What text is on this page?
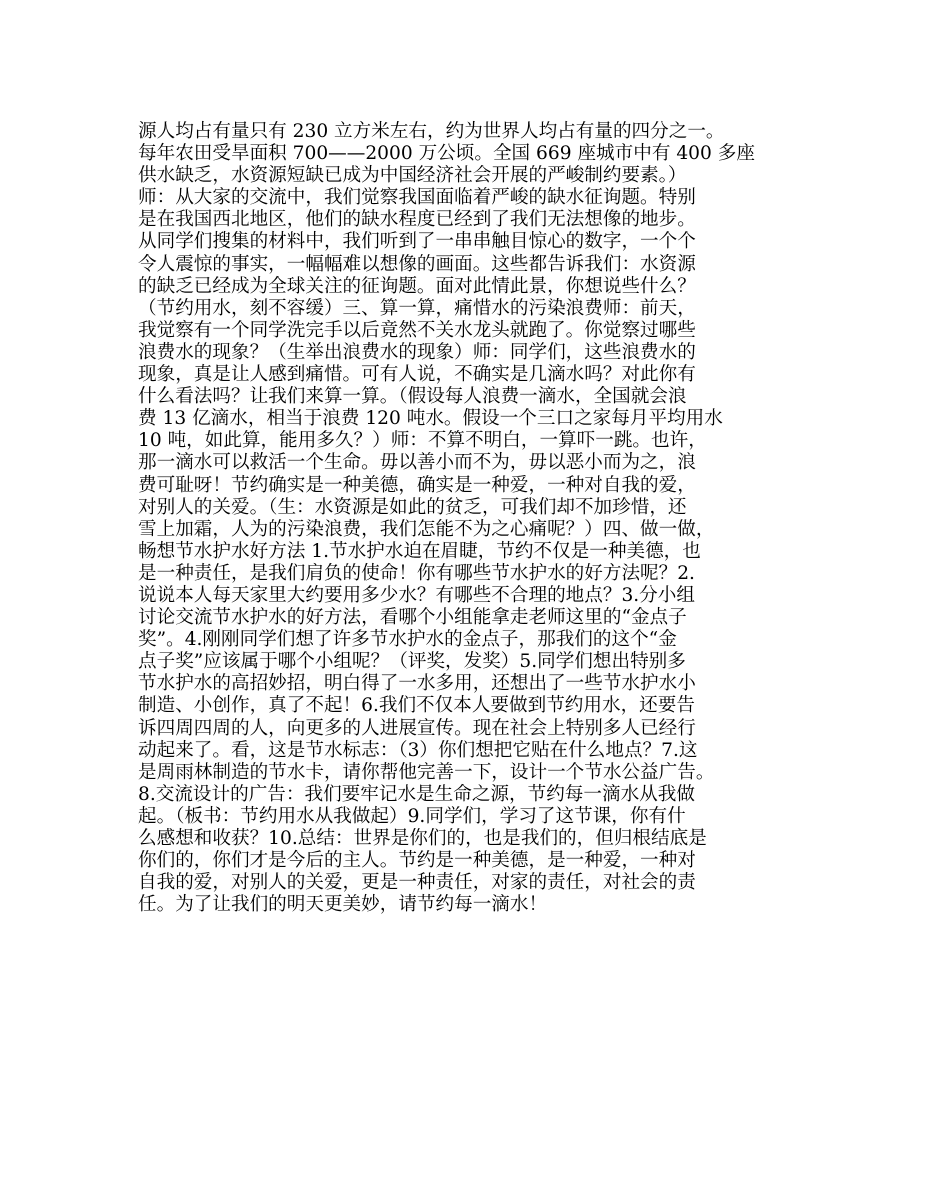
源人均占有量只有 230 立方米左右，约为世界人均占有量的四分之一。
每年农田受旱面积 700——2000 万公顷。全国 669 座城市中有 400 多座
供水缺乏，水资源短缺已成为中国经济社会开展的严峻制约要素。）
师：从大家的交流中，我们觉察我国面临着严峻的缺水征询题。特别
是在我国西北地区，他们的缺水程度已经到了我们无法想像的地步。
从同学们搜集的材料中，我们听到了一串串触目惊心的数字，一个个
令人震惊的事实，一幅幅难以想像的画面。这些都告诉我们：水资源
的缺乏已经成为全球关注的征询题。面对此情此景，你想说些什么？
（节约用水，刻不容缓）三、算一算，痛惜水的污染浪费师：前天，
我觉察有一个同学洗完手以后竟然不关水龙头就跑了。你觉察过哪些
浪费水的现象？（生举出浪费水的现象）师：同学们，这些浪费水的
现象，真是让人感到痛惜。可有人说，不确实是几滴水吗？对此你有
什么看法吗？让我们来算一算。（假设每人浪费一滴水，全国就会浪
费 13 亿滴水，相当于浪费 120 吨水。假设一个三口之家每月平均用水
10 吨，如此算，能用多久？）师：不算不明白，一算吓一跳。也许，
那一滴水可以救活一个生命。毋以善小而不为，毋以恶小而为之，浪
费可耻呀！节约确实是一种美德，确实是一种爱，一种对自我的爱，
对别人的关爱。（生：水资源是如此的贫乏，可我们却不加珍惜，还
雪上加霜，人为的污染浪费，我们怎能不为之心痛呢？）四、做一做，
畅想节水护水好方法 1.节水护水迫在眉睫，节约不仅是一种美德，也
是一种责任，是我们肩负的使命！你有哪些节水护水的好方法呢？2.
说说本人每天家里大约要用多少水？有哪些不合理的地点？3.分小组
讨论交流节水护水的好方法，看哪个小组能拿走老师这里的“金点子
奖”。4.刚刚同学们想了许多节水护水的金点子，那我们的这个“金
点子奖”应该属于哪个小组呢？（评奖，发奖）5.同学们想出特别多
节水护水的高招妙招，明白得了一水多用，还想出了一些节水护水小
制造、小创作，真了不起！6.我们不仅本人要做到节约用水，还要告
诉四周四周的人，向更多的人进展宣传。现在社会上特别多人已经行
动起来了。看，这是节水标志：（3）你们想把它贴在什么地点？7.这
是周雨林制造的节水卡，请你帮他完善一下，设计一个节水公益广告。
8.交流设计的广告：我们要牢记水是生命之源，节约每一滴水从我做
起。（板书：节约用水从我做起）9.同学们，学习了这节课，你有什
么感想和收获？10.总结：世界是你们的，也是我们的，但归根结底是
你们的，你们才是今后的主人。节约是一种美德，是一种爱，一种对
自我的爱，对别人的关爱，更是一种责任，对家的责任，对社会的责
任。为了让我们的明天更美妙，请节约每一滴水！
